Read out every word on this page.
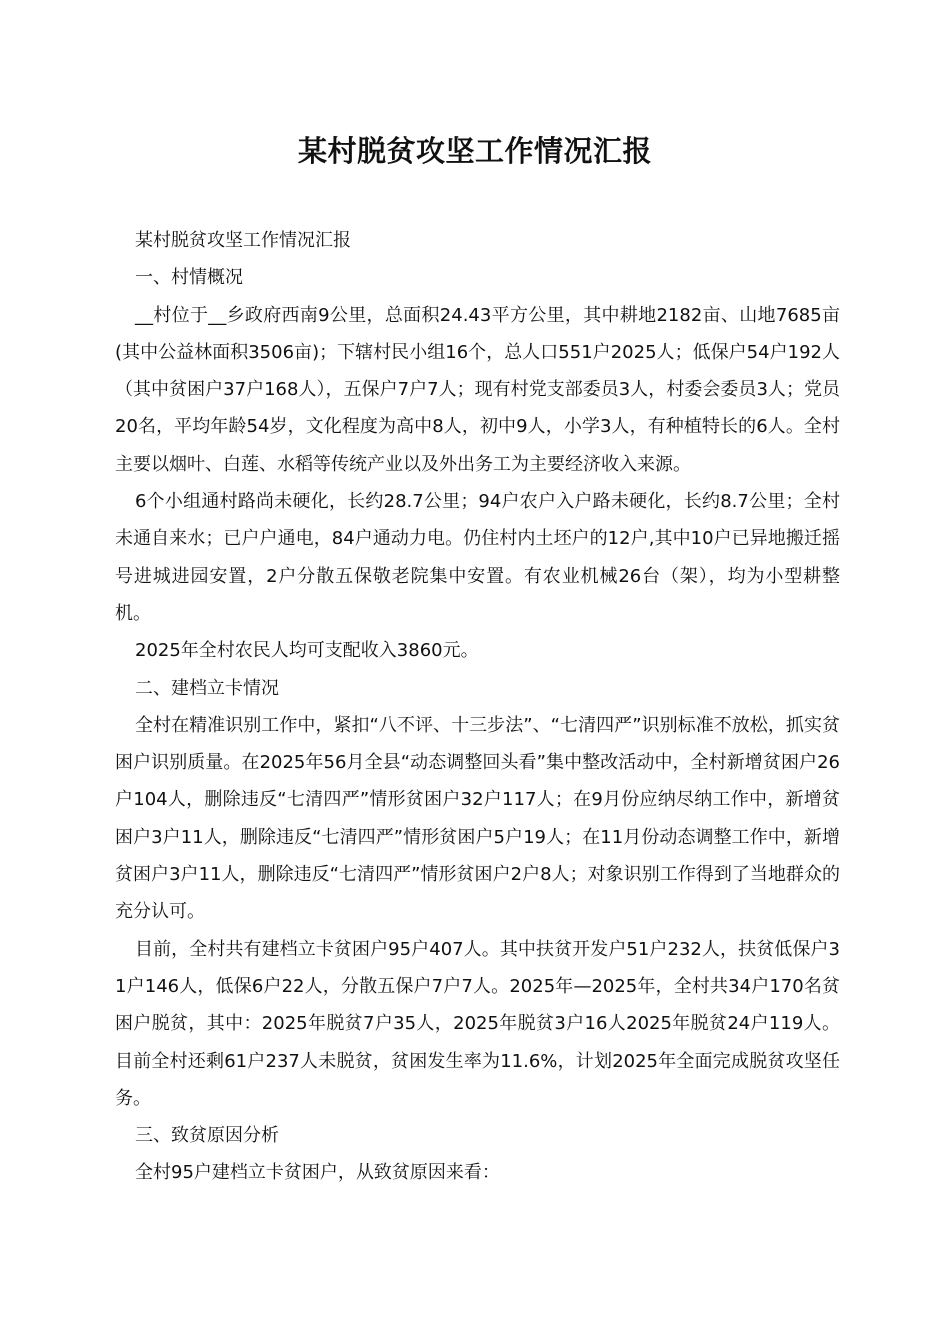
某村脱贫攻坚工作情况汇报

某村脱贫攻坚工作情况汇报

一、村情概况

__村位于__乡政府西南9公里，总面积24.43平方公里，其中耕地2182亩、山地7685亩(其中公益林面积3506亩)；下辖村民小组16个，总人口551户2025人；低保户54户192人（其中贫困户37户168人），五保户7户7人；现有村党支部委员3人，村委会委员3人；党员20名，平均年龄54岁，文化程度为高中8人，初中9人，小学3人，有种植特长的6人。全村主要以烟叶、白莲、水稻等传统产业以及外出务工为主要经济收入来源。

6个小组通村路尚未硬化，长约28.7公里；94户农户入户路未硬化，长约8.7公里；全村未通自来水；已户户通电，84户通动力电。仍住村内土坯户的12户,其中10户已异地搬迁摇号进城进园安置，2户分散五保敬老院集中安置。有农业机械26台（架），均为小型耕整机。

2025年全村农民人均可支配收入3860元。

二、建档立卡情况

全村在精准识别工作中，紧扣“八不评、十三步法”、“七清四严”识别标准不放松，抓实贫困户识别质量。在2025年56月全县“动态调整回头看”集中整改活动中，全村新增贫困户26户104人，删除违反“七清四严”情形贫困户32户117人；在9月份应纳尽纳工作中，新增贫困户3户11人，删除违反“七清四严”情形贫困户5户19人；在11月份动态调整工作中，新增贫困户3户11人，删除违反“七清四严”情形贫困户2户8人；对象识别工作得到了当地群众的充分认可。

目前，全村共有建档立卡贫困户95户407人。其中扶贫开发户51户232人，扶贫低保户31户146人，低保6户22人，分散五保户7户7人。2025年—2025年，全村共34户170名贫困户脱贫，其中：2025年脱贫7户35人，2025年脱贫3户16人2025年脱贫24户119人。目前全村还剩61户237人未脱贫，贫困发生率为11.6%，计划2025年全面完成脱贫攻坚任务。

三、致贫原因分析

全村95户建档立卡贫困户，从致贫原因来看：
